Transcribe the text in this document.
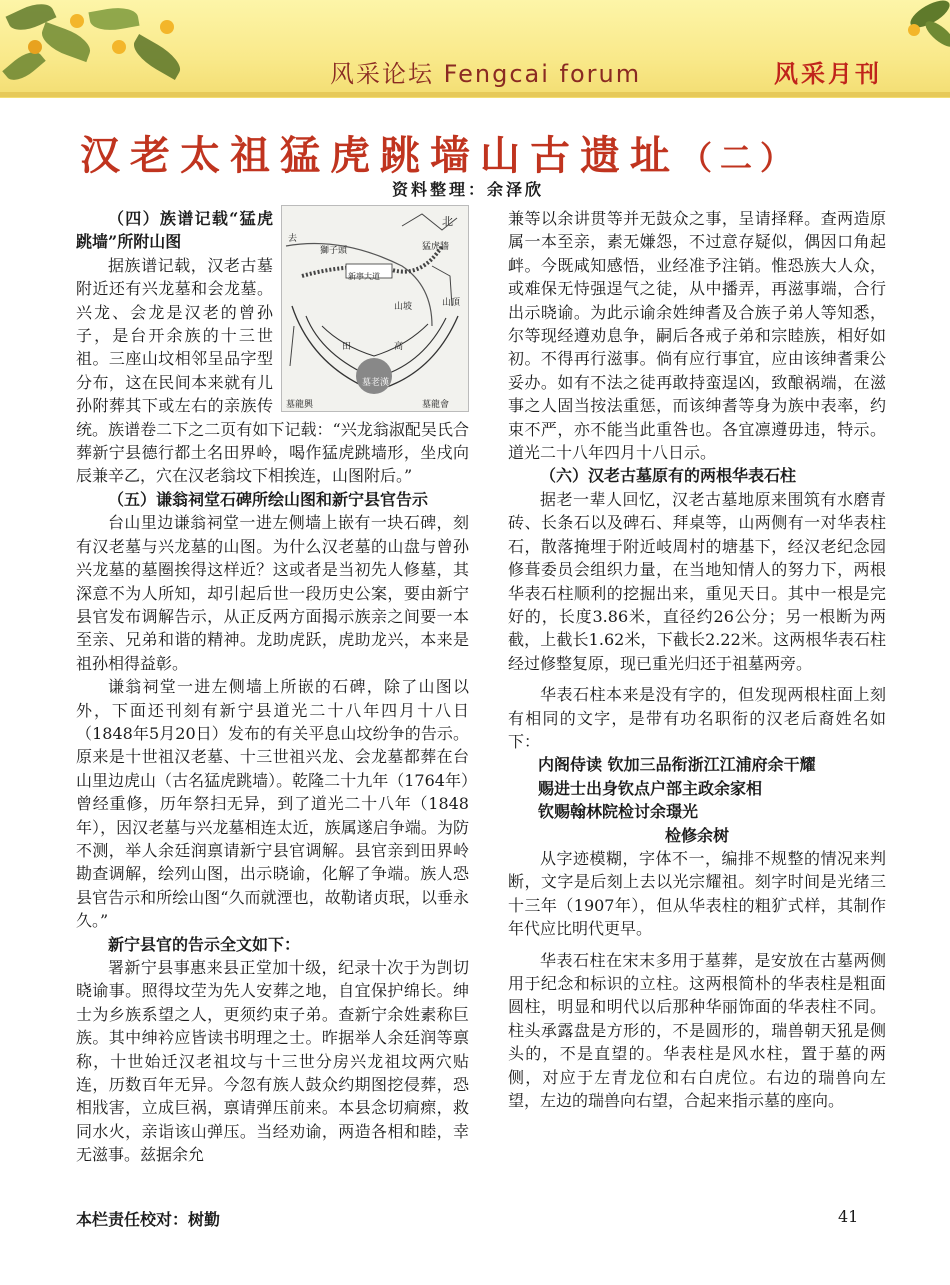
风采论坛 Fengcai forum	风采月刊
汉老太祖猛虎跳墙山古遗址（二）
资料整理：余泽欣
北
去
獅子頭	猛虎牆
新寧大道
山坡	山頂
田	高
墓老漢
墓龍興	墓龍會

（四）族谱记载“猛虎跳墙”所附山图

据族谱记载，汉老古墓附近还有兴龙墓和会龙墓。兴龙、会龙是汉老的曾孙子，是台开余族的十三世祖。三座山坟相邻呈品字型分布，这在民间本来就有儿孙附葬其下或左右的亲族传统。族谱卷二下之二页有如下记载：“兴龙翁淑配吴氏合葬新宁县德行都土名田界岭，喝作猛虎跳墙形，坐戌向辰兼辛乙，穴在汉老翁坟下相挨连，山图附后。”

（五）谦翁祠堂石碑所绘山图和新宁县官告示

台山里边谦翁祠堂一进左侧墙上嵌有一块石碑，刻有汉老墓与兴龙墓的山图。为什么汉老墓的山盘与曾孙兴龙墓的墓圈挨得这样近？这或者是当初先人修墓，其深意不为人所知，却引起后世一段历史公案，要由新宁县官发布调解告示，从正反两方面揭示族亲之间要一本至亲、兄弟和谐的精神。龙助虎跃，虎助龙兴，本来是祖孙相得益彰。

谦翁祠堂一进左侧墙上所嵌的石碑，除了山图以外，下面还刊刻有新宁县道光二十八年四月十八日（1848年5月20日）发布的有关平息山坟纷争的告示。原来是十世祖汉老墓、十三世祖兴龙、会龙墓都葬在台山里边虎山（古名猛虎跳墙）。乾隆二十九年（1764年）曾经重修，历年祭扫无异，到了道光二十八年（1848年），因汉老墓与兴龙墓相连太近，族属遂启争端。为防不测，举人余廷润禀请新宁县官调解。县官亲到田界岭勘查调解，绘列山图，出示晓谕，化解了争端。族人恐县官告示和所绘山图“久而就湮也，故勒诸贞珉，以垂永久。”

新宁县官的告示全文如下：

署新宁县事惠来县正堂加十级，纪录十次于为剀切晓谕事。照得坟茔为先人安葬之地，自宜保护绵长。绅士为乡族系望之人，更须约束子弟。查新宁余姓素称巨族。其中绅衿应皆读书明理之士。昨据举人余廷润等禀称，十世始迁汉老祖坟与十三世分房兴龙祖坟两穴贴连，历数百年无异。今忽有族人鼓众约期图挖侵葬，恐相戕害，立成巨祸，禀请弹压前来。本县念切痌瘝，救同水火，亲诣该山弹压。当经劝谕，两造各相和睦，幸无滋事。兹据余允

兼等以余讲贯等并无鼓众之事，呈请择释。查两造原属一本至亲，素无嫌怨，不过意存疑似，偶因口角起衅。今既咸知感悟，业经准予注销。惟恐族大人众，或难保无恃强逞气之徒，从中播弄，再滋事端，合行出示晓谕。为此示谕余姓绅耆及合族子弟人等知悉，尔等现经遵劝息争，嗣后各戒子弟和宗睦族，相好如初。不得再行滋事。倘有应行事宜，应由该绅耆秉公妥办。如有不法之徒再敢持蛮逞凶，致酿祸端，在滋事之人固当按法重惩，而该绅耆等身为族中表率，约束不严，亦不能当此重咎也。各宜凛遵毋违，特示。道光二十八年四月十八日示。

（六）汉老古墓原有的两根华表石柱

据老一辈人回忆，汉老古墓地原来围筑有水磨青砖、长条石以及碑石、拜桌等，山两侧有一对华表柱石，散落掩埋于附近岐周村的塘基下，经汉老纪念园修葺委员会组织力量，在当地知情人的努力下，两根华表石柱顺利的挖掘出来，重见天日。其中一根是完好的，长度3.86米，直径约26公分；另一根断为两截，上截长1.62米，下截长2.22米。这两根华表石柱经过修整复原，现已重光归还于祖墓两旁。

华表石柱本来是没有字的，但发现两根柱面上刻有相同的文字，是带有功名职衔的汉老后裔姓名如下：

内阁侍读 钦加三品衔浙江江浦府余干耀

赐进士出身钦点户部主政余家相

钦赐翰林院检讨余璟光

检修余树

从字迹模糊，字体不一，编排不规整的情况来判断，文字是后刻上去以光宗耀祖。刻字时间是光绪三十三年（1907年），但从华表柱的粗犷式样，其制作年代应比明代更早。

华表石柱在宋末多用于墓葬，是安放在古墓两侧用于纪念和标识的立柱。这两根简朴的华表柱是粗面圆柱，明显和明代以后那种华丽饰面的华表柱不同。柱头承露盘是方形的，不是圆形的，瑞兽朝天犼是侧头的，不是直望的。华表柱是风水柱，置于墓的两侧，对应于左青龙位和右白虎位。右边的瑞兽向左望，左边的瑞兽向右望，合起来指示墓的座向。

本栏责任校对：树勤	41
